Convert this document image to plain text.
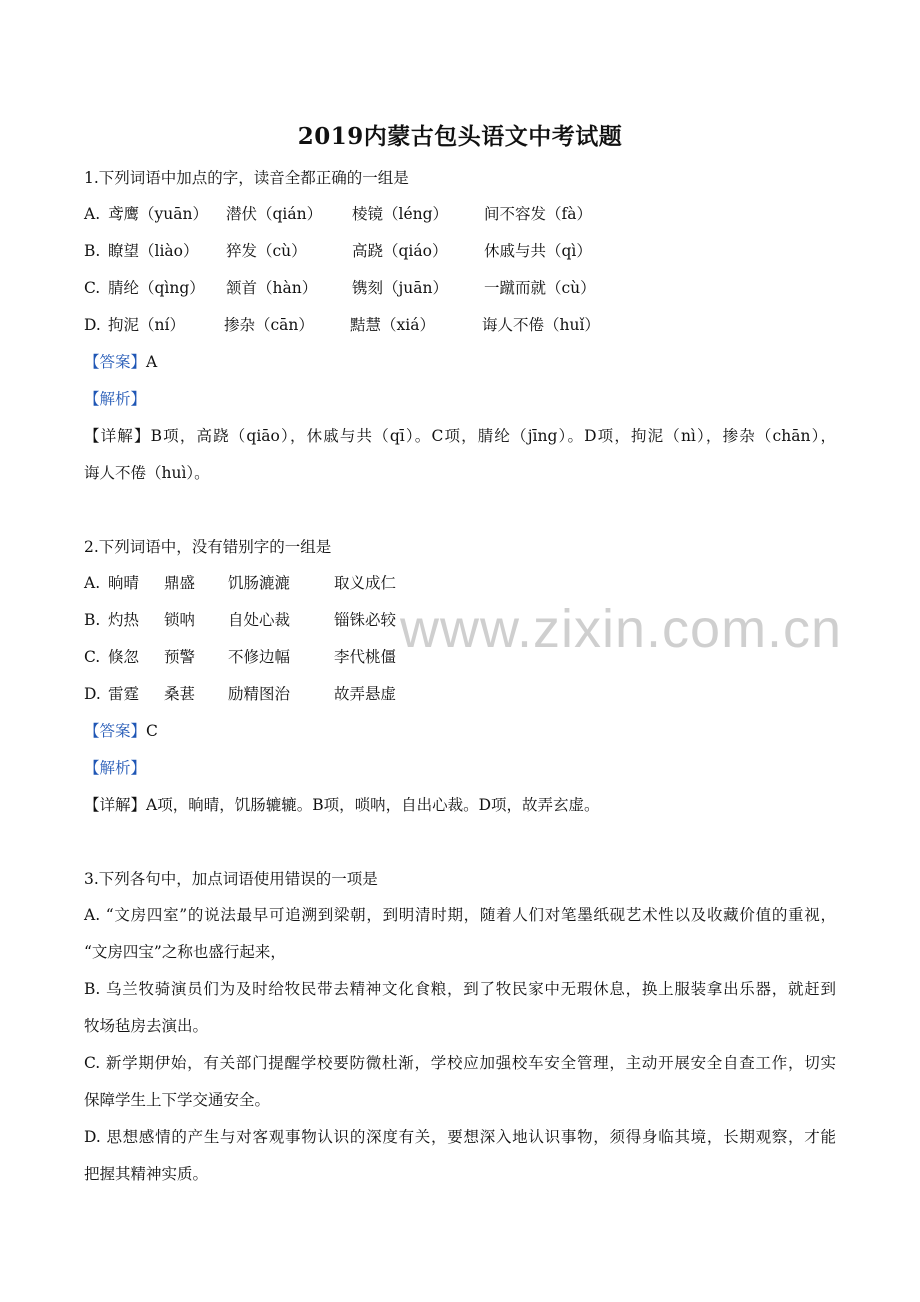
www.zixin.com.cn
2019内蒙古包头语文中考试题
1.下列词语中加点的字，读音全都正确的一组是
A. 鸢鹰（yuān） 潜伏（qián） 棱镜（léng） 间不容发（fà）
B. 瞭望（liào） 猝发（cù）	高跷（qiáo） 休戚与共（qì）
C. 腈纶（qìng） 颔首（hàn） 镌刻（juān） 一蹴而就（cù）
D. 拘泥（ní）	掺杂（cān） 黠慧（xiá）	诲人不倦（huǐ）
【答案】A
【解析】
【详解】B项，高跷（qiāo），休戚与共（qī）。C项，腈纶（jīng）。D项，拘泥（nì），掺杂（chān），
诲人不倦（huì）。
2.下列词语中，没有错别字的一组是
A. 晌晴 鼎盛 饥肠漉漉	取义成仁
B. 灼热 锁呐 自处心裁	锱铢必较
C. 倏忽 预警 不修边幅	李代桃僵
D. 雷霆 桑葚 励精图治	故弄悬虚
【答案】C
【解析】
【详解】A项，晌晴，饥肠辘辘。B项，唢呐，自出心裁。D项，故弄玄虚。
3.下列各句中，加点词语使用错误的一项是
A. “文房四室”的说法最早可追溯到梁朝，到明清时期，随着人们对笔墨纸砚艺术性以及收藏价值的重视，
“文房四宝”之称也盛行起来，
B. 乌兰牧骑演员们为及时给牧民带去精神文化食粮，到了牧民家中无瑕休息，换上服装拿出乐器，就赶到
牧场毡房去演出。
C. 新学期伊始，有关部门提醒学校要防微杜渐，学校应加强校车安全管理，主动开展安全自查工作，切实
保障学生上下学交通安全。
D. 思想感情的产生与对客观事物认识的深度有关，要想深入地认识事物，须得身临其境，长期观察，才能
把握其精神实质。
